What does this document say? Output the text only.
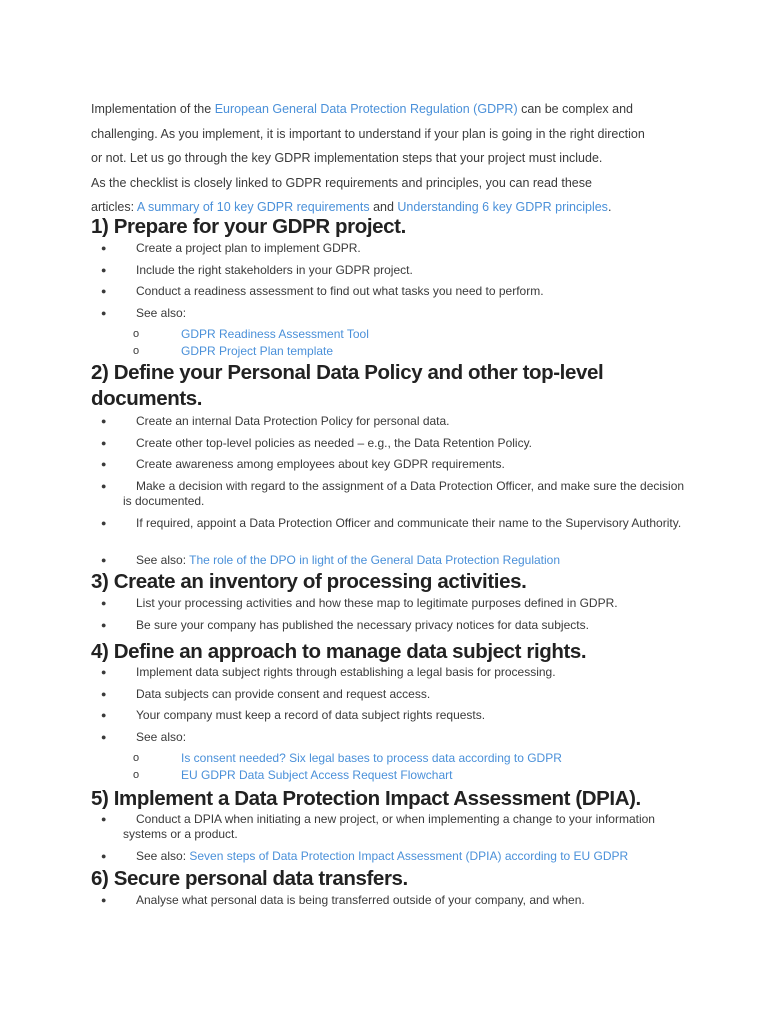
Implementation of the European General Data Protection Regulation (GDPR) can be complex and
challenging. As you implement, it is important to understand if your plan is going in the right direction
or not. Let us go through the key GDPR implementation steps that your project must include.
As the checklist is closely linked to GDPR requirements and principles, you can read these
articles: A summary of 10 key GDPR requirements and Understanding 6 key GDPR principles.
1) Prepare for your GDPR project.
●	Create a project plan to implement GDPR.
●	Include the right stakeholders in your GDPR project.
●	Conduct a readiness assessment to find out what tasks you need to perform.
●	See also:
o	GDPR Readiness Assessment Tool
o	GDPR Project Plan template
2) Define your Personal Data Policy and other top-level documents.
●	Create an internal Data Protection Policy for personal data.
●	Create other top-level policies as needed – e.g., the Data Retention Policy.
●	Create awareness among employees about key GDPR requirements.
●	Make a decision with regard to the assignment of a Data Protection Officer, and make sure the decision is documented.
●	If required, appoint a Data Protection Officer and communicate their name to the Supervisory Authority.
●	See also: The role of the DPO in light of the General Data Protection Regulation
3) Create an inventory of processing activities.
●	List your processing activities and how these map to legitimate purposes defined in GDPR.
●	Be sure your company has published the necessary privacy notices for data subjects.
4) Define an approach to manage data subject rights.
●	Implement data subject rights through establishing a legal basis for processing.
●	Data subjects can provide consent and request access.
●	Your company must keep a record of data subject rights requests.
●	See also:
o	Is consent needed? Six legal bases to process data according to GDPR
o	EU GDPR Data Subject Access Request Flowchart
5) Implement a Data Protection Impact Assessment (DPIA).
●	Conduct a DPIA when initiating a new project, or when implementing a change to your information systems or a product.
●	See also: Seven steps of Data Protection Impact Assessment (DPIA) according to EU GDPR
6) Secure personal data transfers.
●	Analyse what personal data is being transferred outside of your company, and when.
